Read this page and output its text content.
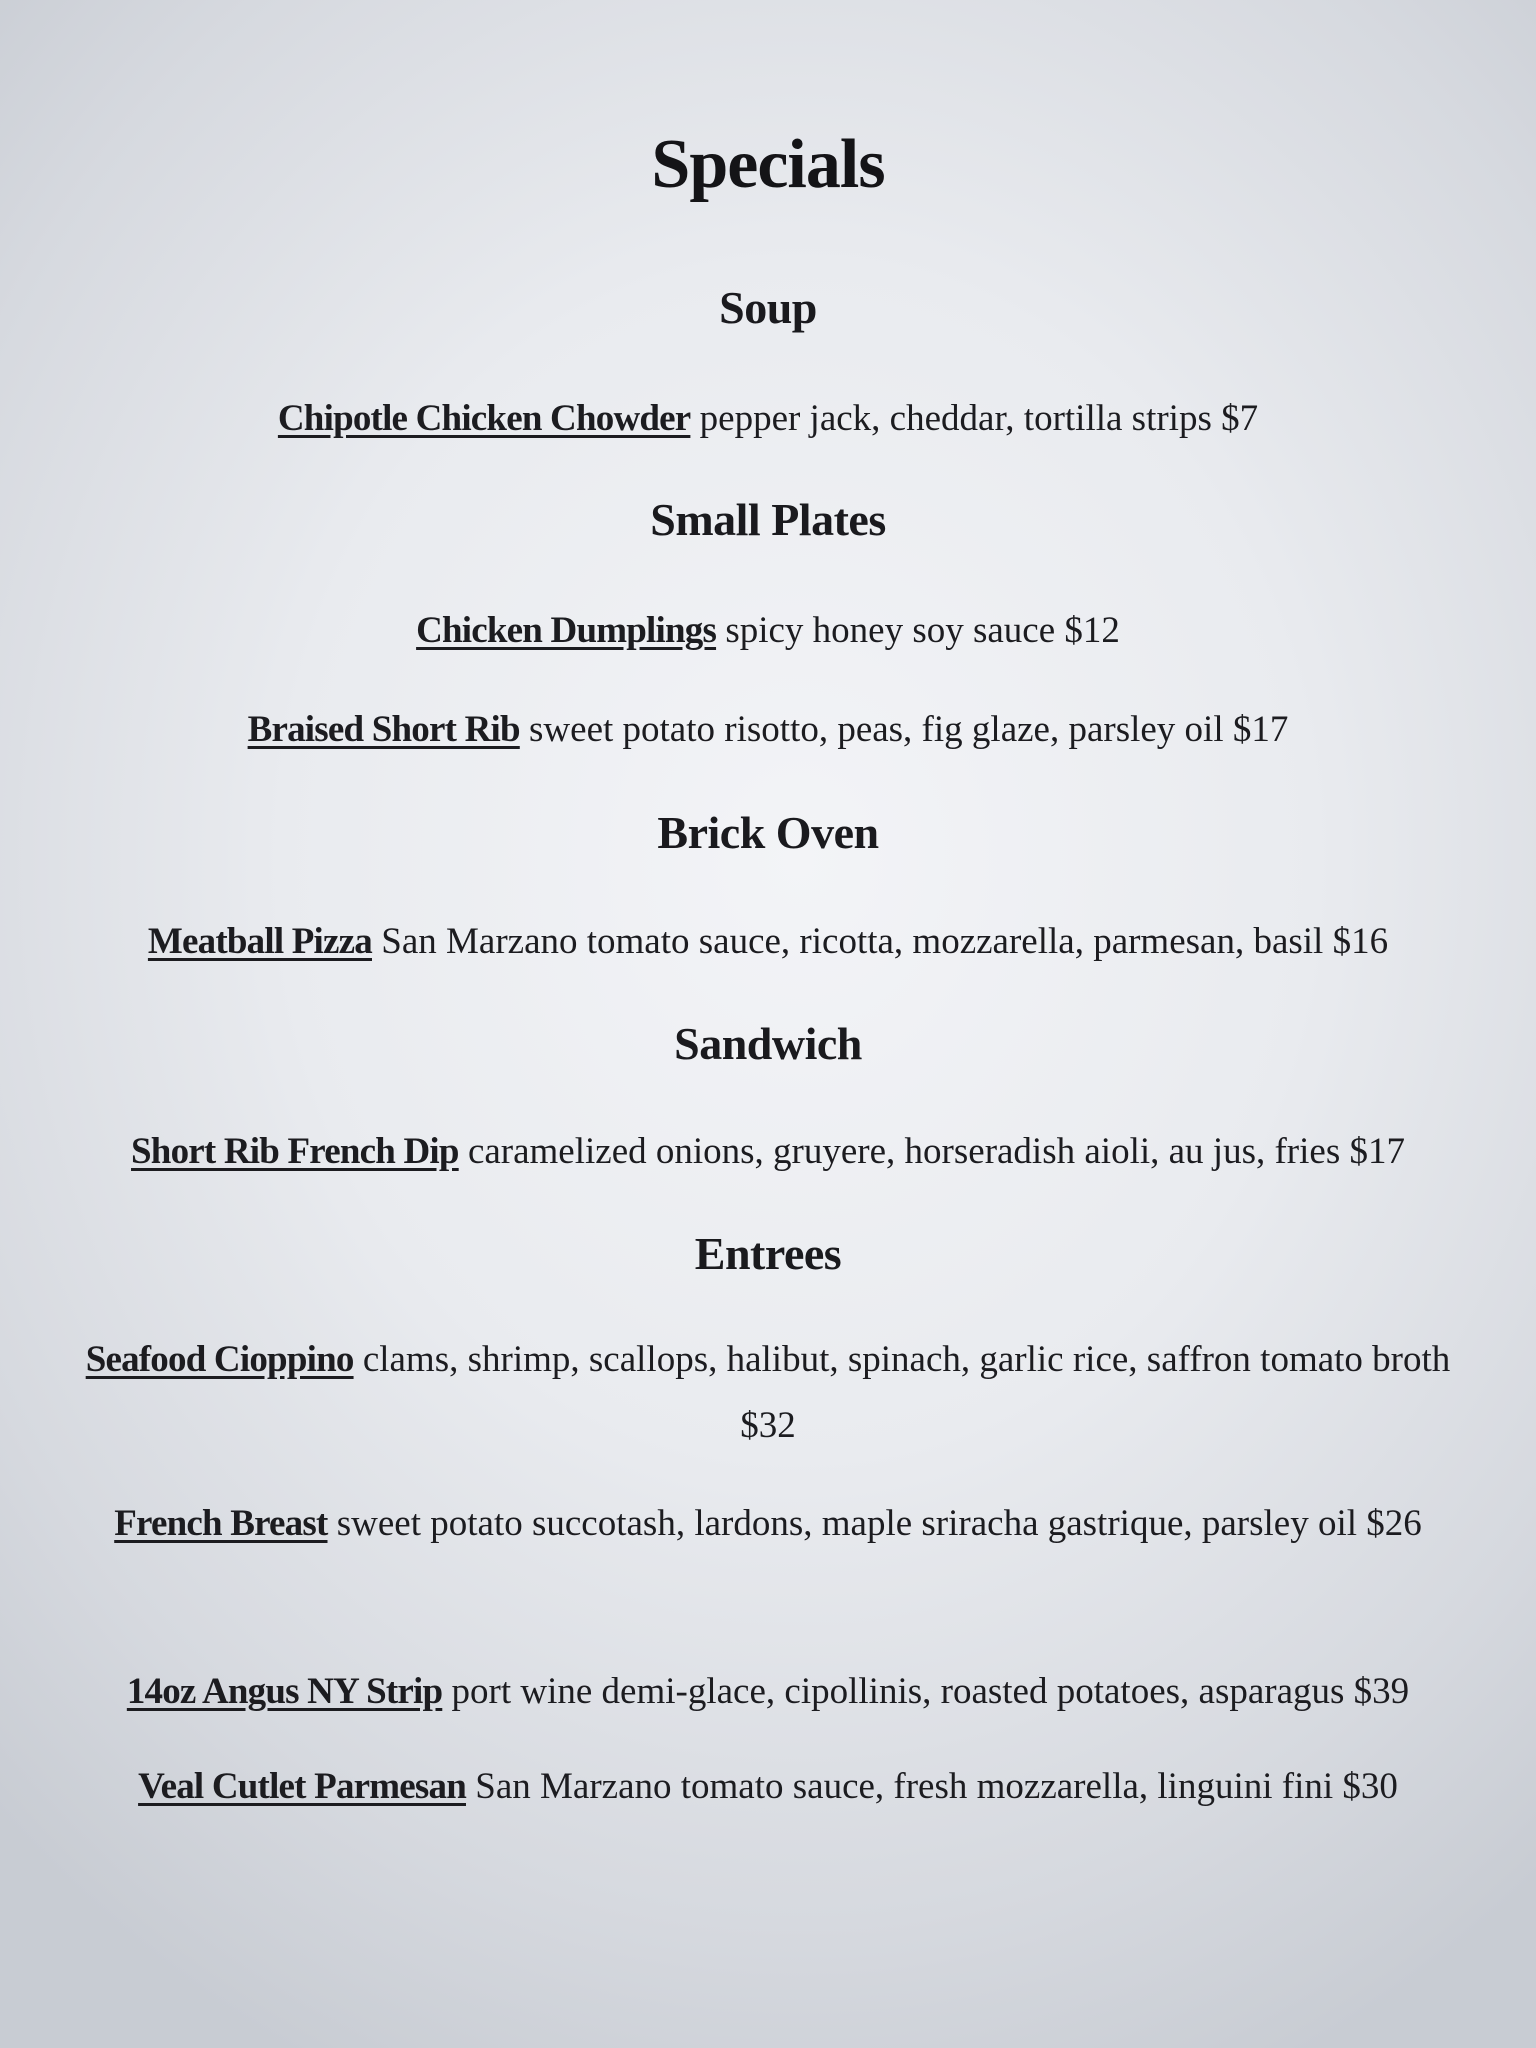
Specials
Soup
Chipotle Chicken Chowder pepper jack, cheddar, tortilla strips $7
Small Plates
Chicken Dumplings spicy honey soy sauce $12
Braised Short Rib sweet potato risotto, peas, fig glaze, parsley oil $17
Brick Oven
Meatball Pizza San Marzano tomato sauce, ricotta, mozzarella, parmesan, basil $16
Sandwich
Short Rib French Dip caramelized onions, gruyere, horseradish aioli, au jus, fries $17
Entrees
Seafood Cioppino clams, shrimp, scallops, halibut, spinach, garlic rice, saffron tomato broth $32
French Breast sweet potato succotash, lardons, maple sriracha gastrique, parsley oil $26
14oz Angus NY Strip port wine demi-glace, cipollinis, roasted potatoes, asparagus $39
Veal Cutlet Parmesan San Marzano tomato sauce, fresh mozzarella, linguini fini $30
